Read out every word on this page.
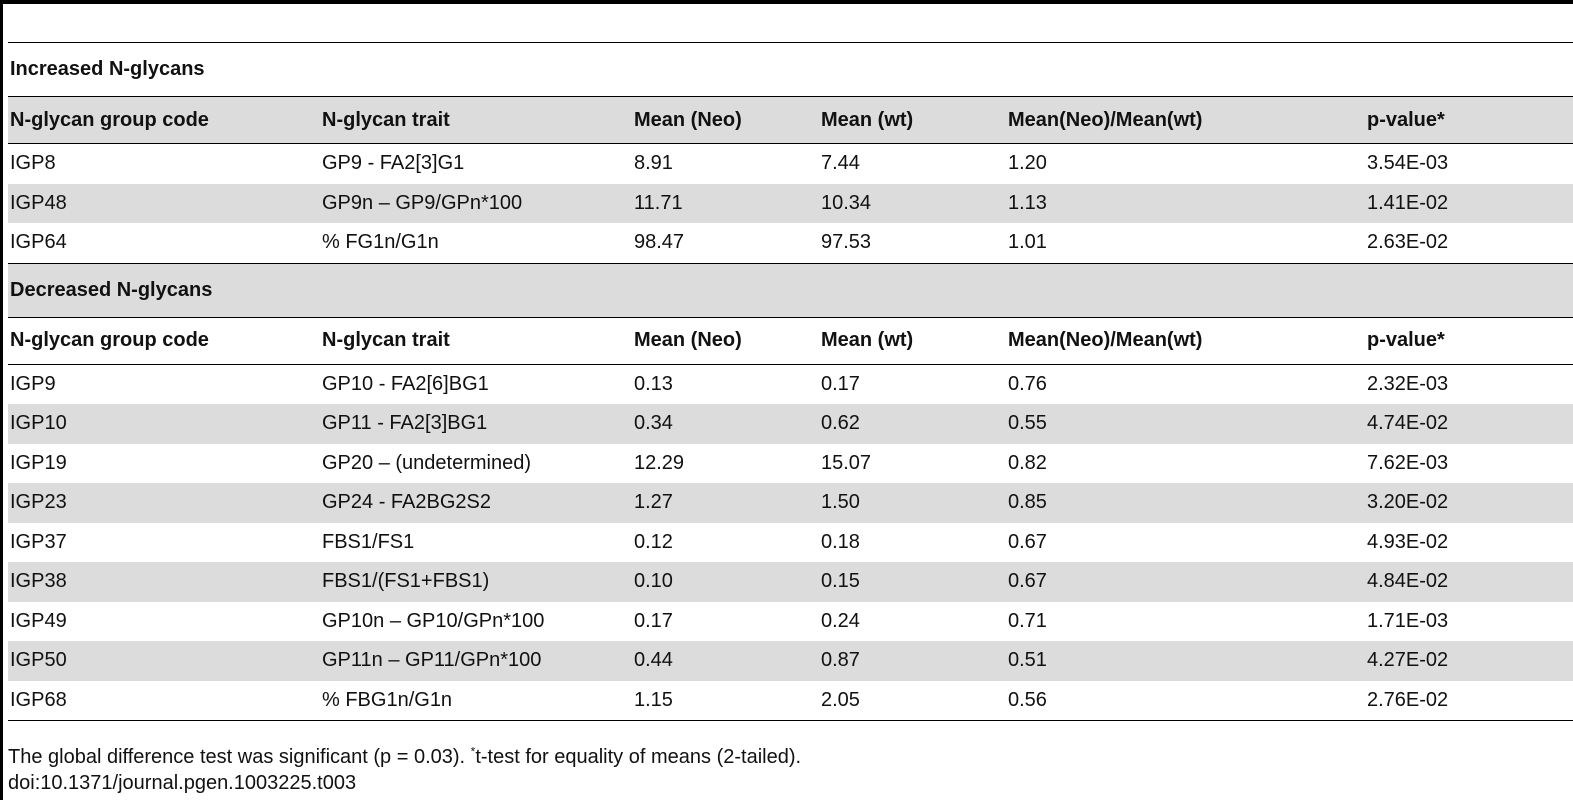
Increased N-glycans					
N-glycan group code	N-glycan trait	Mean (Neo)	Mean (wt)	Mean(Neo)/Mean(wt)	p-value*
IGP8	GP9 - FA2[3]G1	8.91	7.44	1.20	3.54E-03
IGP48	GP9n – GP9/GPn*100	11.71	10.34	1.13	1.41E-02
IGP64	% FG1n/G1n	98.47	97.53	1.01	2.63E-02
Decreased N-glycans					
N-glycan group code	N-glycan trait	Mean (Neo)	Mean (wt)	Mean(Neo)/Mean(wt)	p-value*
IGP9	GP10 - FA2[6]BG1	0.13	0.17	0.76	2.32E-03
IGP10	GP11 - FA2[3]BG1	0.34	0.62	0.55	4.74E-02
IGP19	GP20 – (undetermined)	12.29	15.07	0.82	7.62E-03
IGP23	GP24 - FA2BG2S2	1.27	1.50	0.85	3.20E-02
IGP37	FBS1/FS1	0.12	0.18	0.67	4.93E-02
IGP38	FBS1/(FS1+FBS1)	0.10	0.15	0.67	4.84E-02
IGP49	GP10n – GP10/GPn*100	0.17	0.24	0.71	1.71E-03
IGP50	GP11n – GP11/GPn*100	0.44	0.87	0.51	4.27E-02
IGP68	% FBG1n/G1n	1.15	2.05	0.56	2.76E-02
The global difference test was significant (p = 0.03). *t-test for equality of means (2-tailed).
doi:10.1371/journal.pgen.1003225.t003
